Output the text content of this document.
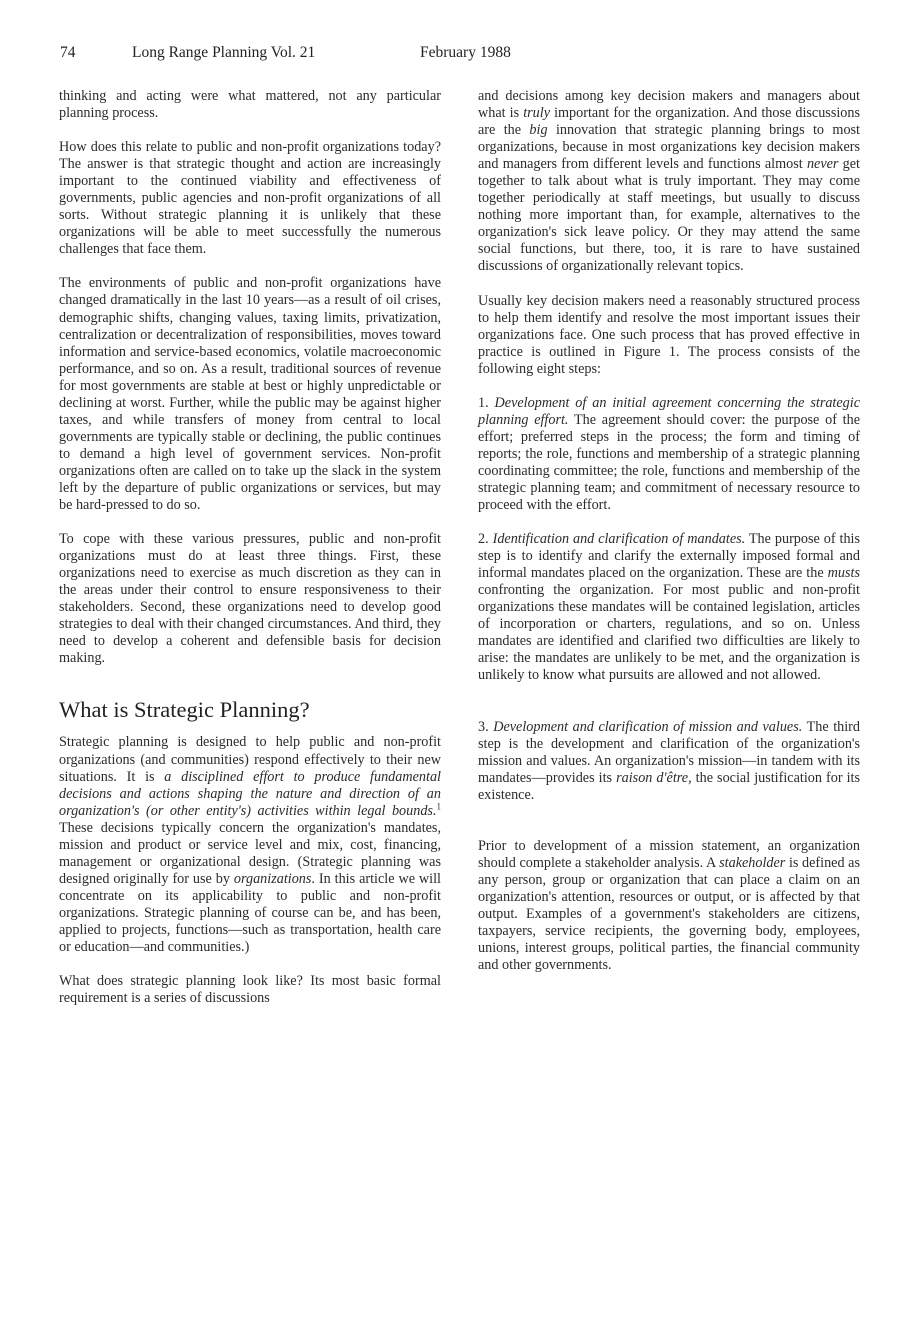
74	Long Range Planning Vol. 21	February 1988

thinking and acting were what mattered, not any particular planning process.

How does this relate to public and non-profit organizations today? The answer is that strategic thought and action are increasingly important to the continued viability and effectiveness of governments, public agencies and non-profit organizations of all sorts. Without strategic planning it is unlikely that these organizations will be able to meet successfully the numerous challenges that face them.

The environments of public and non-profit organizations have changed dramatically in the last 10 years—as a result of oil crises, demographic shifts, changing values, taxing limits, privatization, centralization or decentralization of responsibilities, moves toward information and service-based economics, volatile macroeconomic performance, and so on. As a result, traditional sources of revenue for most governments are stable at best or highly unpredictable or declining at worst. Further, while the public may be against higher taxes, and while transfers of money from central to local governments are typically stable or declining, the public continues to demand a high level of government services. Non-profit organizations often are called on to take up the slack in the system left by the departure of public organizations or services, but may be hard-pressed to do so.

To cope with these various pressures, public and non-profit organizations must do at least three things. First, these organizations need to exercise as much discretion as they can in the areas under their control to ensure responsiveness to their stakeholders. Second, these organizations need to develop good strategies to deal with their changed circumstances. And third, they need to develop a coherent and defensible basis for decision making.

What is Strategic Planning?

Strategic planning is designed to help public and non-profit organizations (and communities) respond effectively to their new situations. It is a disciplined effort to produce fundamental decisions and actions shaping the nature and direction of an organization's (or other entity's) activities within legal bounds.$^1$ These decisions typically concern the organization's mandates, mission and product or service level and mix, cost, financing, management or organizational design. (Strategic planning was designed originally for use by organizations. In this article we will concentrate on its applicability to public and non-profit organizations. Strategic planning of course can be, and has been, applied to projects, functions—such as transportation, health care or education—and communities.)

What does strategic planning look like? Its most basic formal requirement is a series of discussions

and decisions among key decision makers and managers about what is truly important for the organization. And those discussions are the big innovation that strategic planning brings to most organizations, because in most organizations key decision makers and managers from different levels and functions almost never get together to talk about what is truly important. They may come together periodically at staff meetings, but usually to discuss nothing more important than, for example, alternatives to the organization's sick leave policy. Or they may attend the same social functions, but there, too, it is rare to have sustained discussions of organizationally relevant topics.

Usually key decision makers need a reasonably structured process to help them identify and resolve the most important issues their organizations face. One such process that has proved effective in practice is outlined in Figure 1. The process consists of the following eight steps:

1. Development of an initial agreement concerning the strategic planning effort. The agreement should cover: the purpose of the effort; preferred steps in the process; the form and timing of reports; the role, functions and membership of a strategic planning coordinating committee; the role, functions and membership of the strategic planning team; and commitment of necessary resource to proceed with the effort.

2. Identification and clarification of mandates. The purpose of this step is to identify and clarify the externally imposed formal and informal mandates placed on the organization. These are the musts confronting the organization. For most public and non-profit organizations these mandates will be contained legislation, articles of incorporation or charters, regulations, and so on. Unless mandates are identified and clarified two difficulties are likely to arise: the mandates are unlikely to be met, and the organization is unlikely to know what pursuits are allowed and not allowed.

3. Development and clarification of mission and values. The third step is the development and clarification of the organization's mission and values. An organization's mission—in tandem with its mandates—provides its raison d'être, the social justification for its existence.

Prior to development of a mission statement, an organization should complete a stakeholder analysis. A stakeholder is defined as any person, group or organization that can place a claim on an organization's attention, resources or output, or is affected by that output. Examples of a government's stakeholders are citizens, taxpayers, service recipients, the governing body, employees, unions, interest groups, political parties, the financial community and other governments.
